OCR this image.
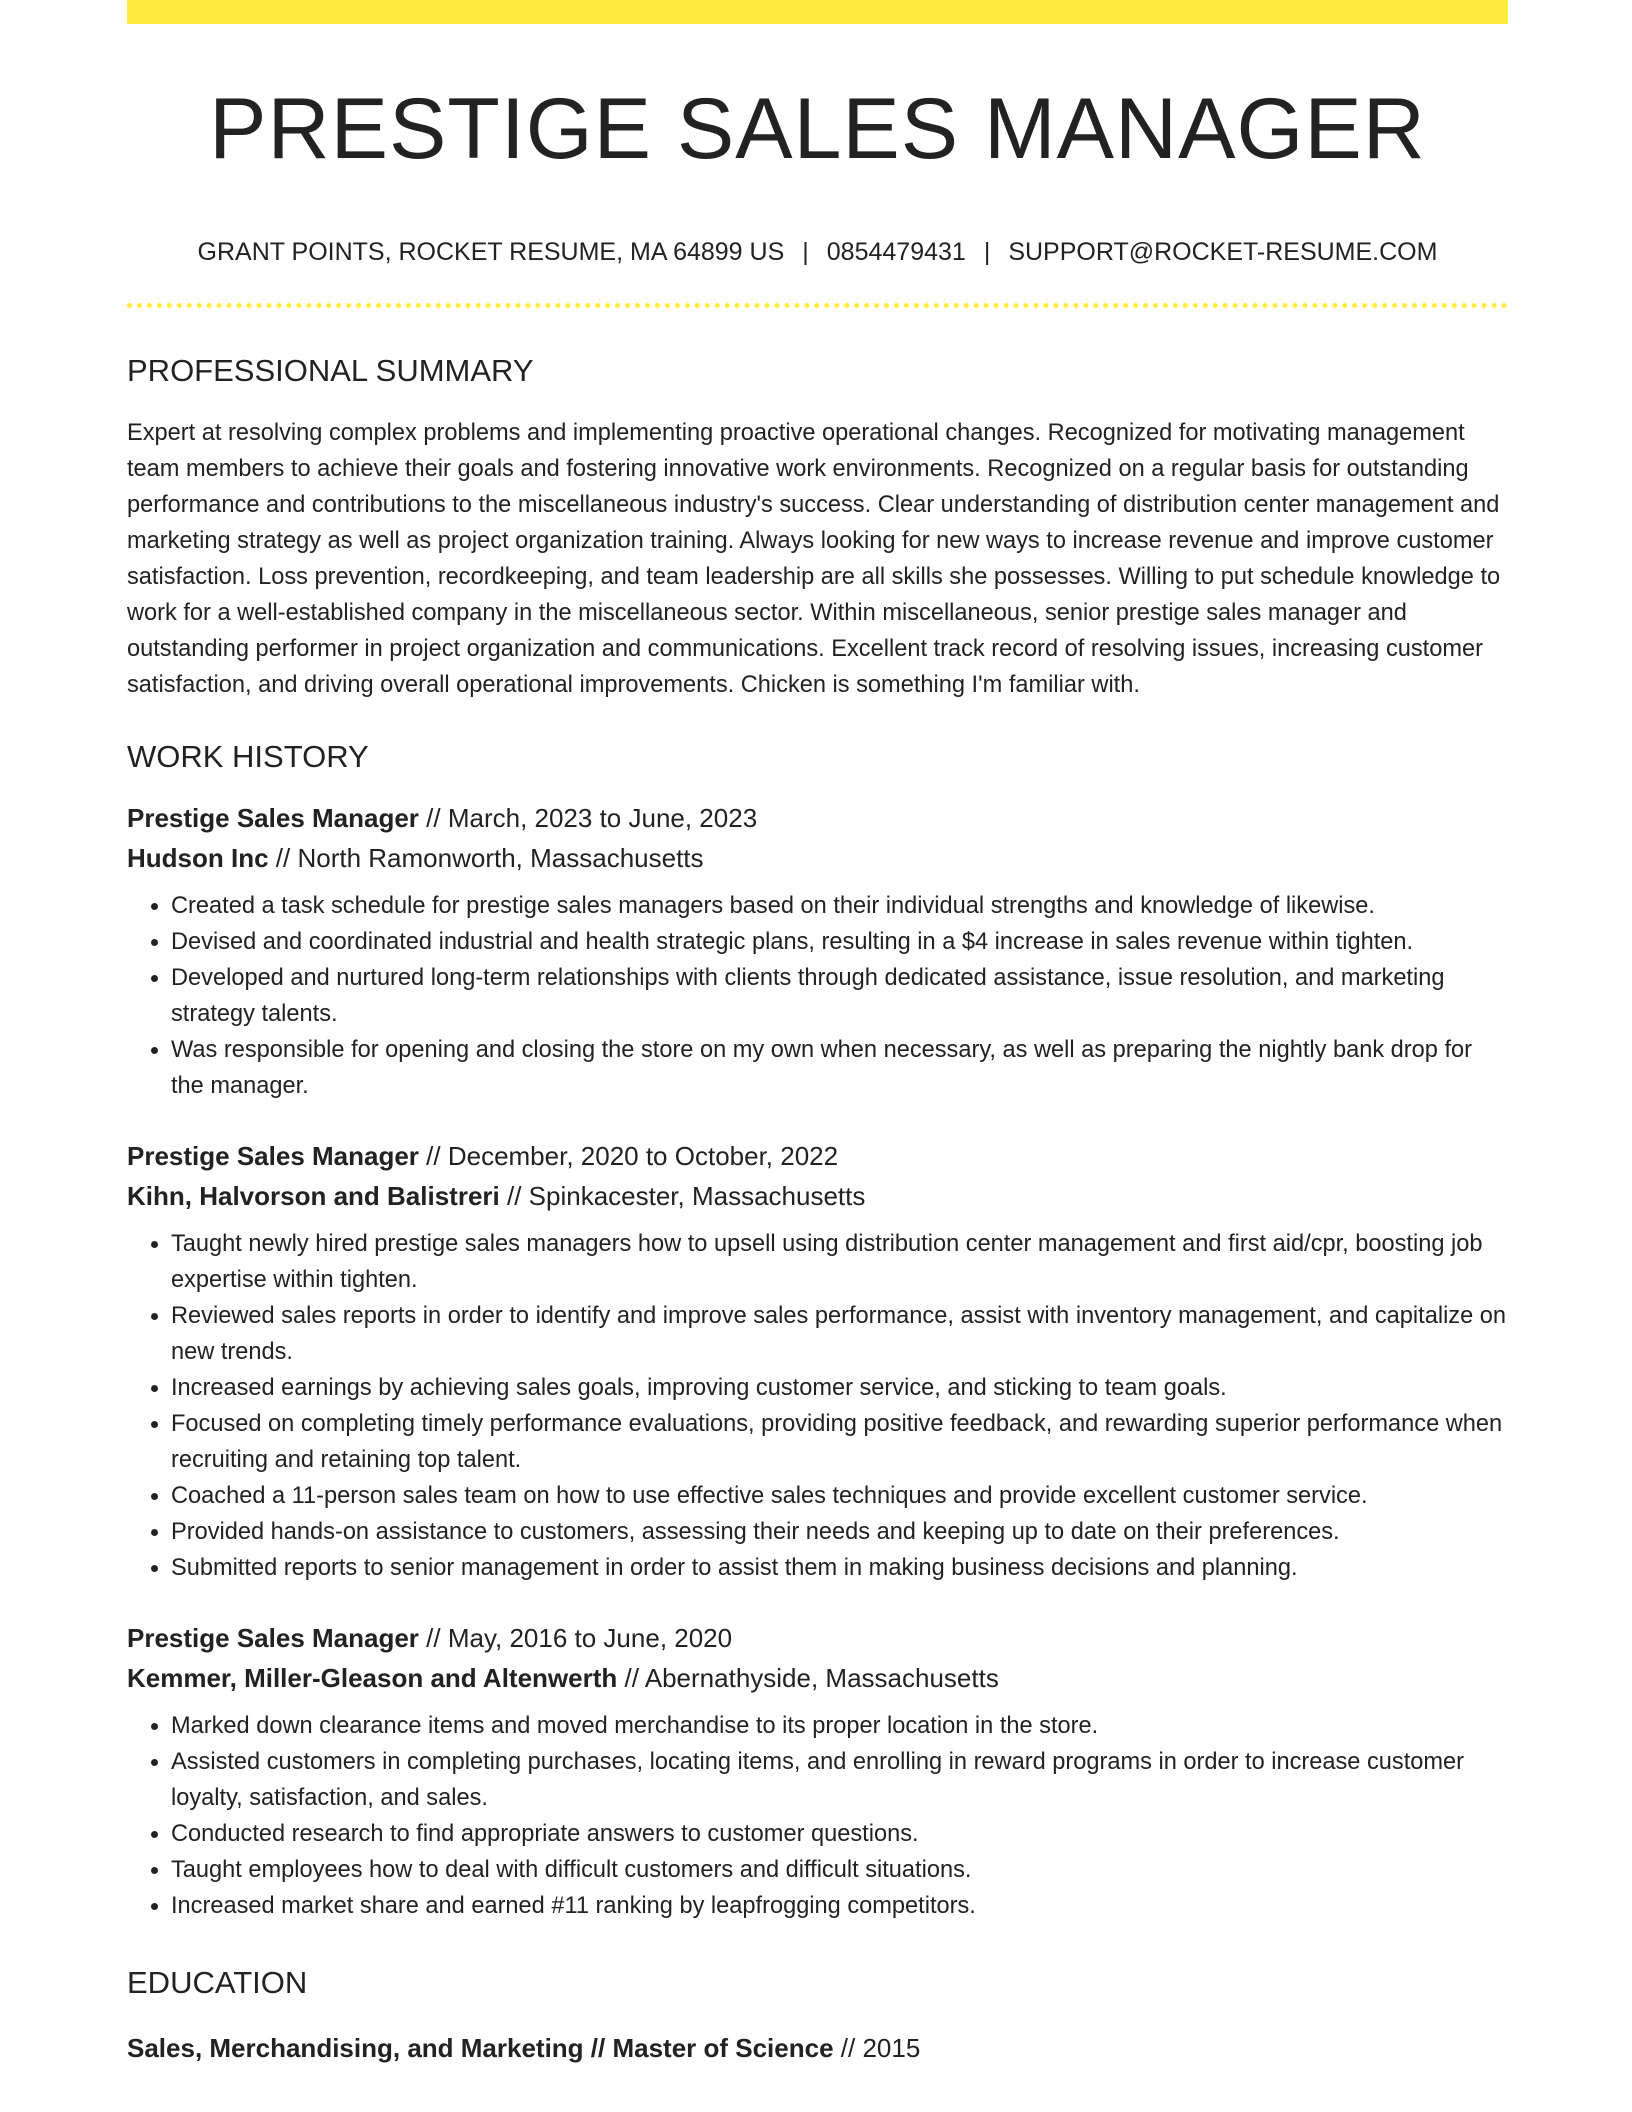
PRESTIGE SALES MANAGER
GRANT POINTS, ROCKET RESUME, MA 64899 US | 0854479431 | SUPPORT@ROCKET-RESUME.COM
PROFESSIONAL SUMMARY

Expert at resolving complex problems and implementing proactive operational changes. Recognized for motivating management team members to achieve their goals and fostering innovative work environments. Recognized on a regular basis for outstanding performance and contributions to the miscellaneous industry's success. Clear understanding of distribution center management and marketing strategy as well as project organization training. Always looking for new ways to increase revenue and improve customer satisfaction. Loss prevention, recordkeeping, and team leadership are all skills she possesses. Willing to put schedule knowledge to work for a well-established company in the miscellaneous sector. Within miscellaneous, senior prestige sales manager and outstanding performer in project organization and communications. Excellent track record of resolving issues, increasing customer satisfaction, and driving overall operational improvements. Chicken is something I'm familiar with.

WORK HISTORY
Prestige Sales Manager // March, 2023 to June, 2023
Hudson Inc // North Ramonworth, Massachusetts
• Created a task schedule for prestige sales managers based on their individual strengths and knowledge of likewise.
• Devised and coordinated industrial and health strategic plans, resulting in a $4 increase in sales revenue within tighten.
• Developed and nurtured long-term relationships with clients through dedicated assistance, issue resolution, and marketing strategy talents.
• Was responsible for opening and closing the store on my own when necessary, as well as preparing the nightly bank drop for the manager.
Prestige Sales Manager // December, 2020 to October, 2022
Kihn, Halvorson and Balistreri // Spinkacester, Massachusetts
• Taught newly hired prestige sales managers how to upsell using distribution center management and first aid/cpr, boosting job expertise within tighten.
• Reviewed sales reports in order to identify and improve sales performance, assist with inventory management, and capitalize on new trends.
• Increased earnings by achieving sales goals, improving customer service, and sticking to team goals.
• Focused on completing timely performance evaluations, providing positive feedback, and rewarding superior performance when recruiting and retaining top talent.
• Coached a 11-person sales team on how to use effective sales techniques and provide excellent customer service.
• Provided hands-on assistance to customers, assessing their needs and keeping up to date on their preferences.
• Submitted reports to senior management in order to assist them in making business decisions and planning.
Prestige Sales Manager // May, 2016 to June, 2020
Kemmer, Miller-Gleason and Altenwerth // Abernathyside, Massachusetts
• Marked down clearance items and moved merchandise to its proper location in the store.
• Assisted customers in completing purchases, locating items, and enrolling in reward programs in order to increase customer loyalty, satisfaction, and sales.
• Conducted research to find appropriate answers to customer questions.
• Taught employees how to deal with difficult customers and difficult situations.
• Increased market share and earned #11 ranking by leapfrogging competitors.
EDUCATION
Sales, Merchandising, and Marketing // Master of Science // 2015
